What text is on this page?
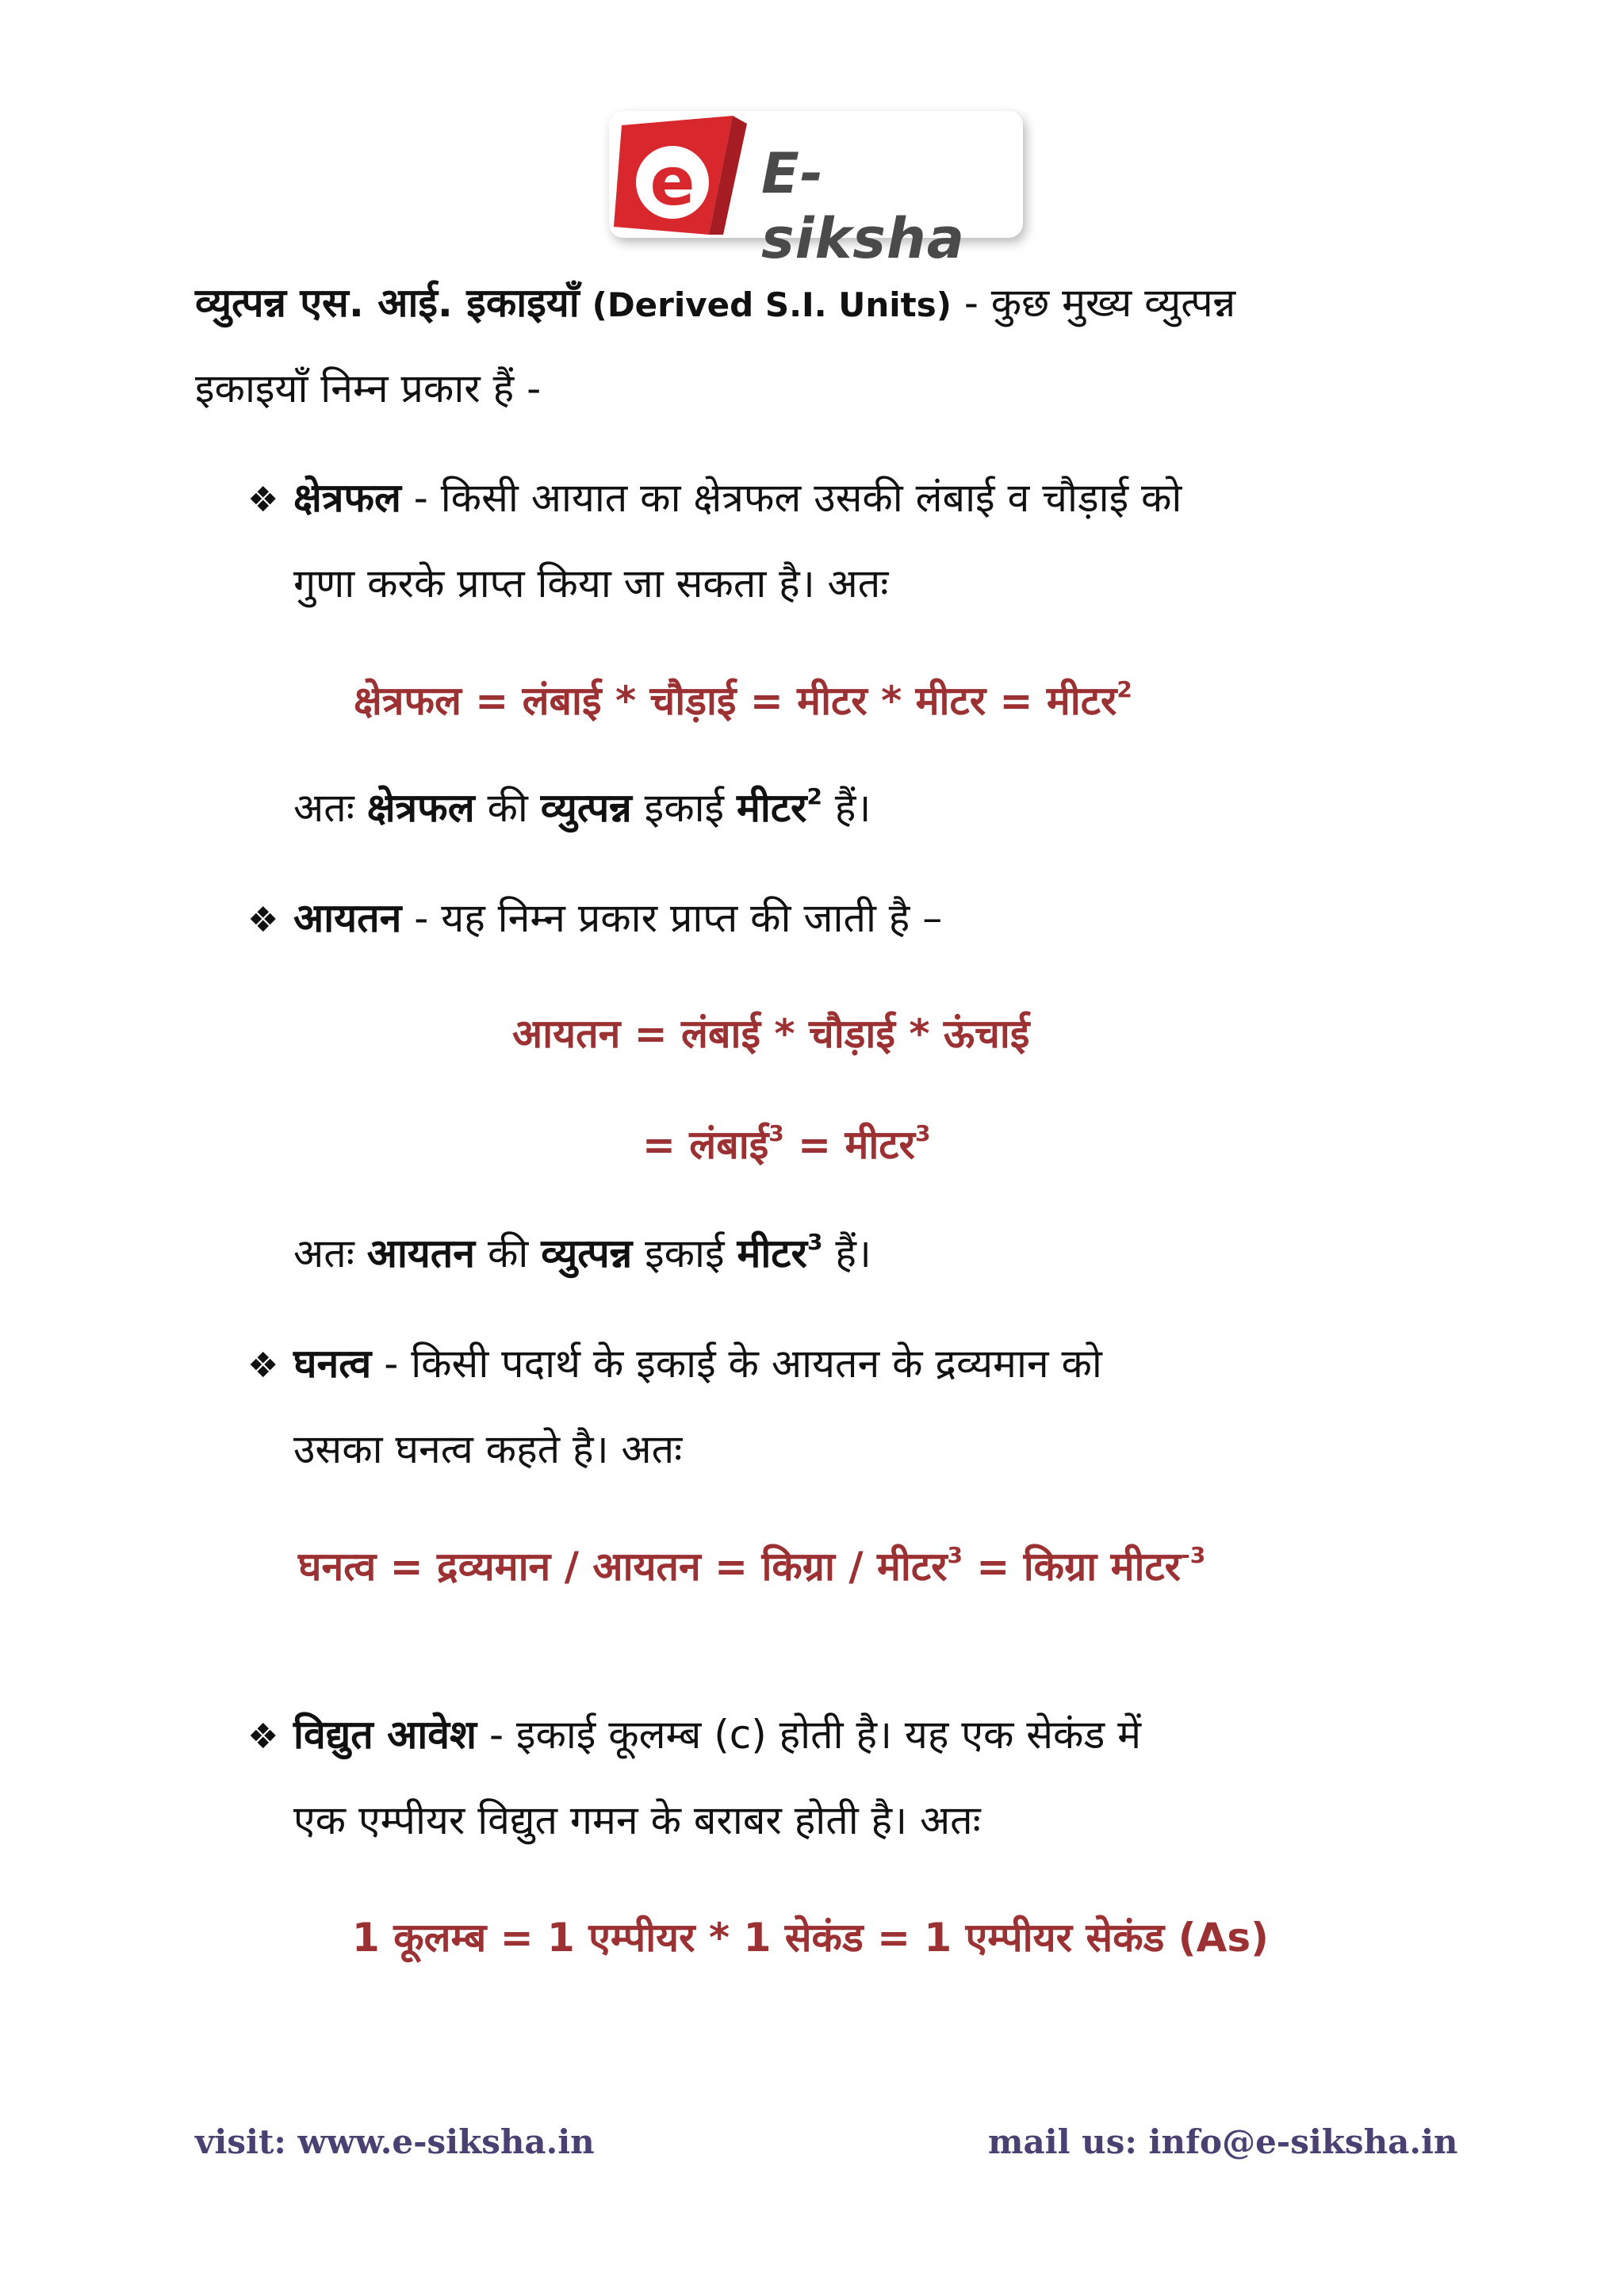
e E-siksha
व्युत्पन्न एस. आई. इकाइयाँ (Derived S.I. Units) - कुछ मुख्य व्युत्पन्न
इकाइयाँ निम्न प्रकार हैं -
❖ क्षेत्रफल - किसी आयात का क्षेत्रफल उसकी लंबाई व चौड़ाई को
गुणा करके प्राप्त किया जा सकता है। अतः
क्षेत्रफल = लंबाई * चौड़ाई = मीटर * मीटर = मीटर$^2$
अतः क्षेत्रफल की व्युत्पन्न इकाई मीटर$^2$ हैं।
❖ आयतन - यह निम्न प्रकार प्राप्त की जाती है –
आयतन = लंबाई * चौड़ाई * ऊंचाई
= लंबाई$^3$ = मीटर$^3$
अतः आयतन की व्युत्पन्न इकाई मीटर$^3$ हैं।
❖ घनत्व - किसी पदार्थ के इकाई के आयतन के द्रव्यमान को
उसका घनत्व कहते है। अतः
घनत्व = द्रव्यमान / आयतन = किग्रा / मीटर$^3$ = किग्रा मीटर$^{-3}$
❖ विद्युत आवेश - इकाई कूलम्ब (c) होती है। यह एक सेकंड में
एक एम्पीयर विद्युत गमन के बराबर होती है। अतः
1 कूलम्ब = 1 एम्पीयर * 1 सेकंड = 1 एम्पीयर सेकंड (As)
visit: www.e-siksha.in	mail us: info@e-siksha.in
